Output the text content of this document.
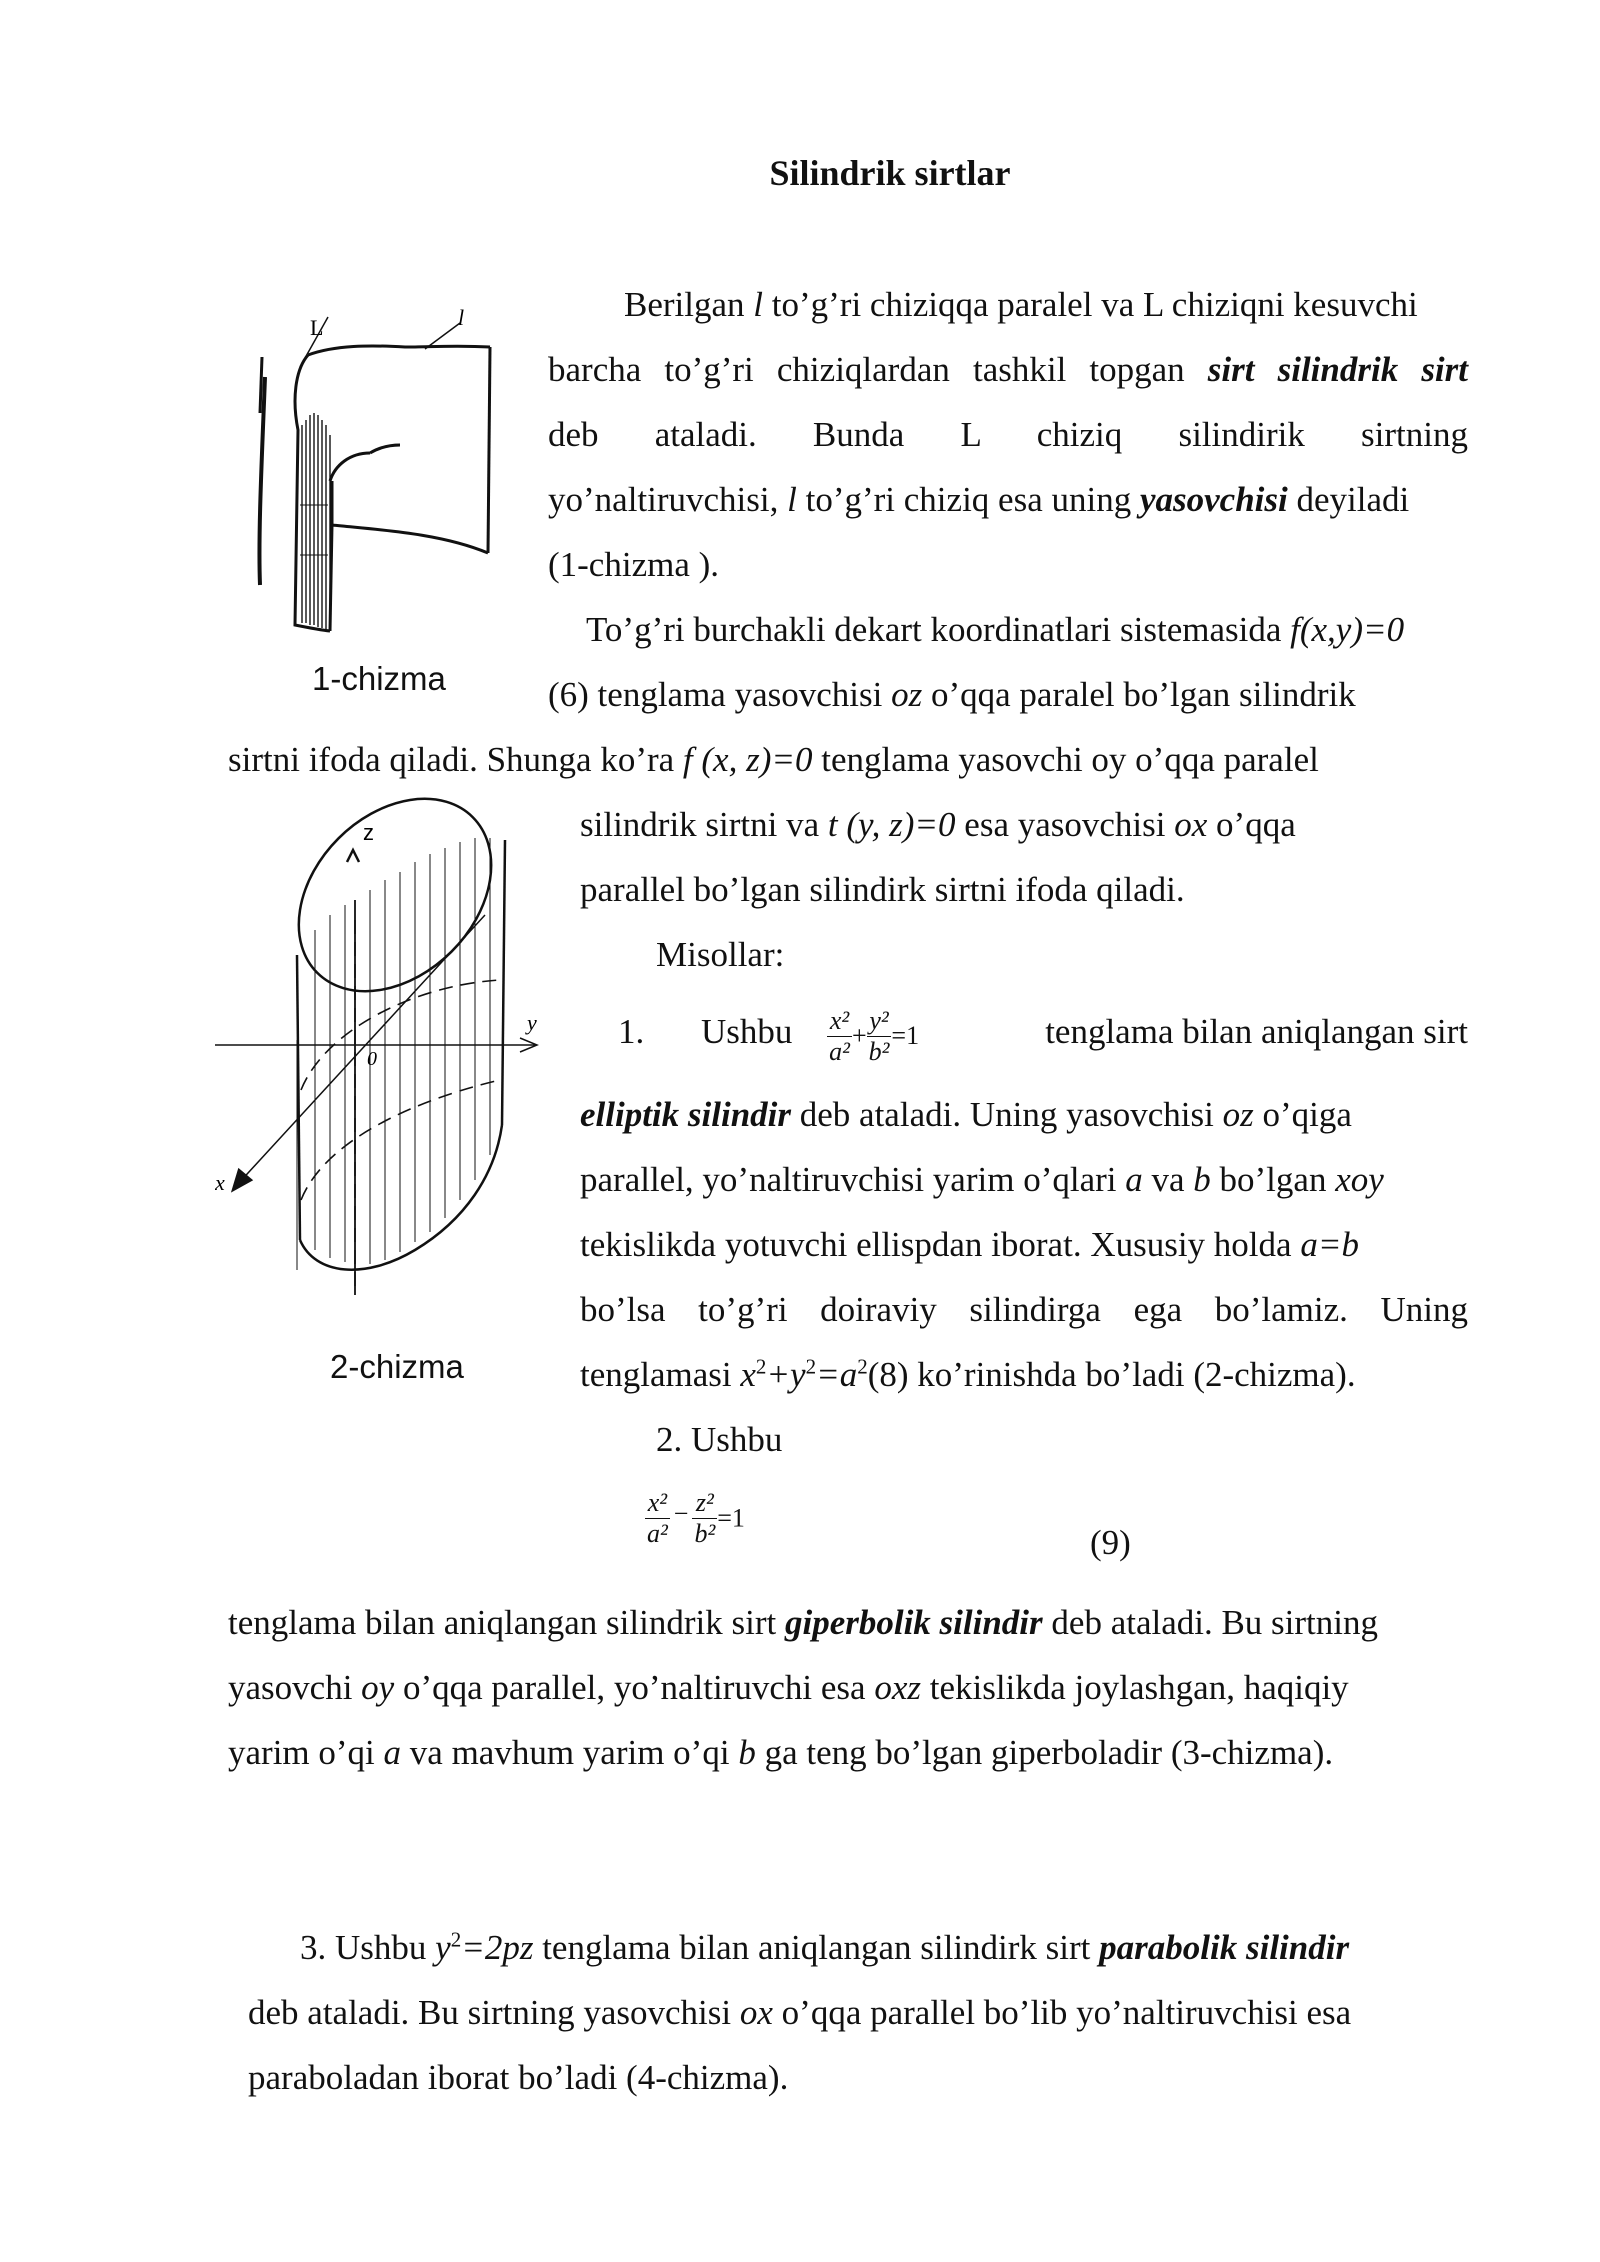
Silindrik sirtlar
L	l
1-chizma
z
y
x
0
2-chizma
Berilgan l to’g’ri chiziqqa paralel va L chiziqni kesuvchi
barcha to’g’ri chiziqlardan tashkil topgan sirt silindrik sirt
deb ataladi. Bunda L chiziq silindirik sirtning
yo’naltiruvchisi, l to’g’ri chiziq esa uning yasovchisi deyiladi
(1-chizma ).
To’g’ri burchakli dekart koordinatlari sistemasida f(x,y)=0
(6) tenglama yasovchisi oz o’qqa paralel bo’lgan silindrik
sirtni ifoda qiladi. Shunga ko’ra f (x, z)=0 tenglama yasovchi oy o’qqa paralel
silindrik sirtni va t (y, z)=0 esa yasovchisi ox o’qqa
parallel bo’lgan silindirk sirtni ifoda qiladi.
Misollar:
1. Ushbu $\frac{\text{x²}}{\text{a²}} + \frac{\text{y²}}{\text{b²}} =1$	tenglama bilan aniqlangan sirt
elliptik silindir deb ataladi. Uning yasovchisi oz o’qiga
parallel, yo’naltiruvchisi yarim o’qlari a va b bo’lgan xoy
tekislikda yotuvchi ellispdan iborat. Xususiy holda a=b
bo’lsa to’g’ri doiraviy silindirga ega bo’lamiz. Uning
tenglamasi $x^2+y^2=a^2(8)$ ko’rinishda bo’ladi (2-chizma).
2. Ushbu
$\frac{\text{x²}}{\text{a²}} - \frac{\text{z²}}{\text{b²}} =1$
(9)
tenglama bilan aniqlangan silindrik sirt giperbolik silindir deb ataladi. Bu sirtning
yasovchi oy o’qqa parallel, yo’naltiruvchi esa oxz tekislikda joylashgan, haqiqiy
yarim o’qi a va mavhum yarim o’qi b ga teng bo’lgan giperboladir (3-chizma).
3. Ushbu $y^2=2pz$ tenglama bilan aniqlangan silindirk sirt parabolik silindir
deb ataladi. Bu sirtning yasovchisi ox o’qqa parallel bo’lib yo’naltiruvchisi esa
paraboladan iborat bo’ladi (4-chizma).
